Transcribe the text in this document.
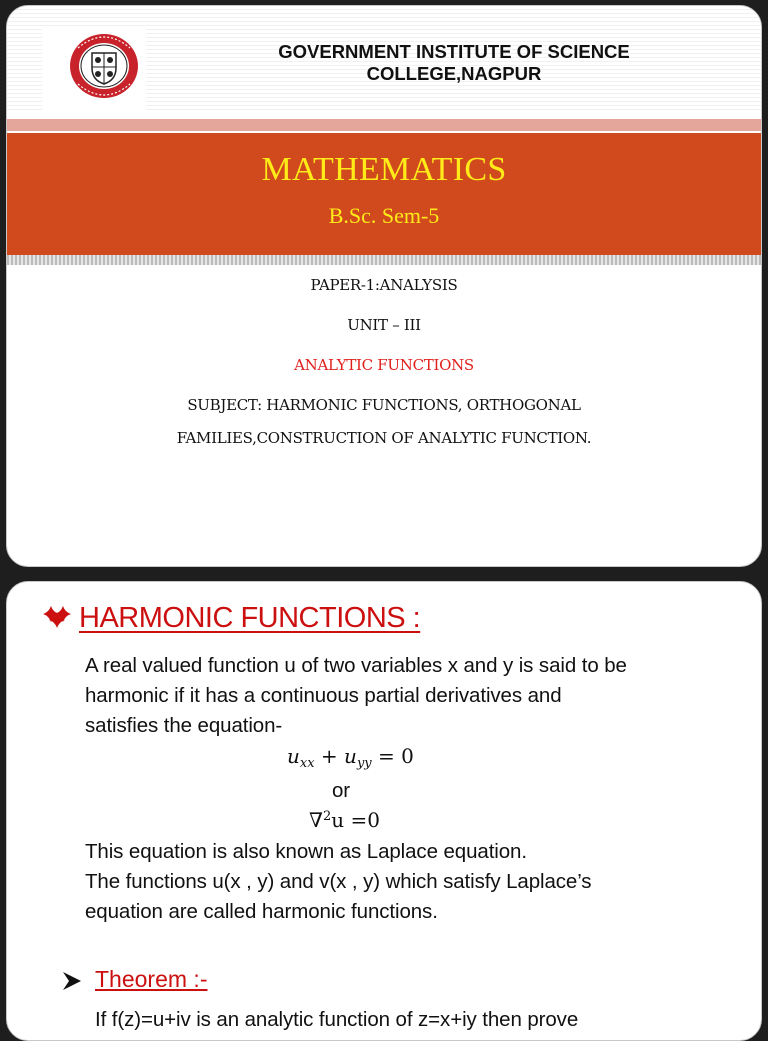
GOVERNMENT INSTITUTE OF SCIENCE
COLLEGE,NAGPUR
MATHEMATICS
B.Sc. Sem-5
PAPER-1:ANALYSIS
UNIT – III
ANALYTIC FUNCTIONS
SUBJECT: HARMONIC FUNCTIONS, ORTHOGONAL
FAMILIES,CONSTRUCTION OF ANALYTIC FUNCTION.
HARMONIC FUNCTIONS :
A real valued function u of two variables x and y is said to be
harmonic if it has a continuous partial derivatives and
satisfies the equation-
$u_{xx} + u_{yy} = 0$
or
∇$^2$u =0
This equation is also known as Laplace equation.
The functions u(x , y) and v(x , y) which satisfy Laplace’s
equation are called harmonic functions.
Theorem :-
If f(z)=u+iv is an analytic function of z=x+iy then prove
